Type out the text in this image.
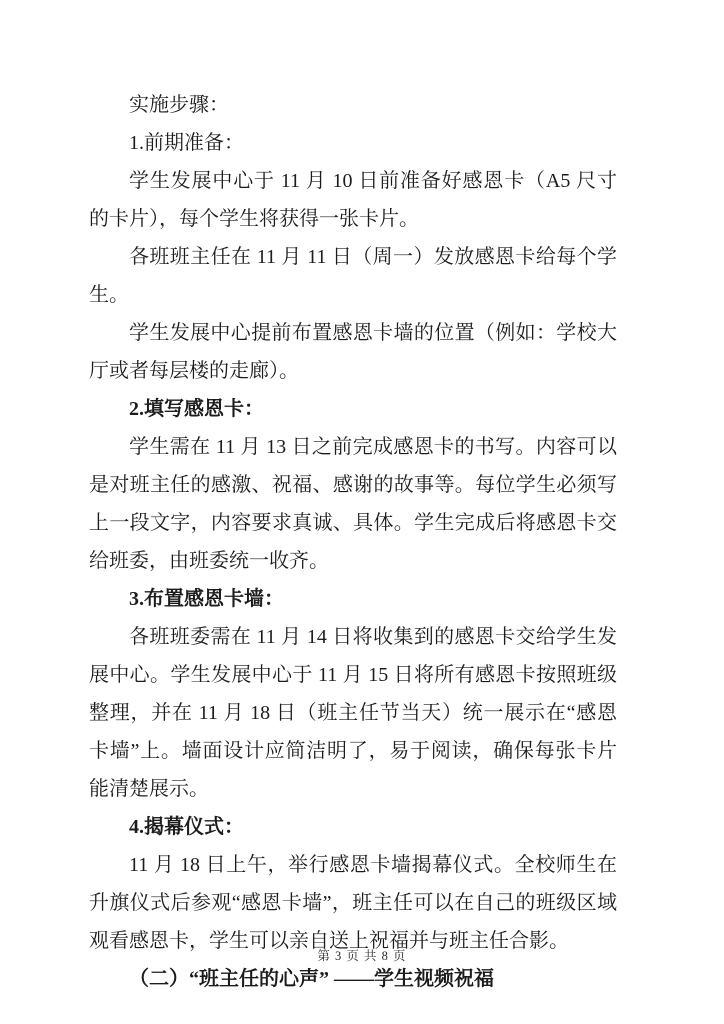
实施步骤：

1.前期准备：

学生发展中心于 11 月 10 日前准备好感恩卡（A5 尺寸的卡片），每个学生将获得一张卡片。

各班班主任在 11 月 11 日（周一）发放感恩卡给每个学生。

学生发展中心提前布置感恩卡墙的位置（例如：学校大厅或者每层楼的走廊）。

2.填写感恩卡：

学生需在 11 月 13 日之前完成感恩卡的书写。内容可以是对班主任的感激、祝福、感谢的故事等。每位学生必须写上一段文字，内容要求真诚、具体。学生完成后将感恩卡交给班委，由班委统一收齐。

3.布置感恩卡墙：

各班班委需在 11 月 14 日将收集到的感恩卡交给学生发展中心。学生发展中心于 11 月 15 日将所有感恩卡按照班级整理，并在 11 月 18 日（班主任节当天）统一展示在“感恩卡墙”上。墙面设计应简洁明了，易于阅读，确保每张卡片能清楚展示。

4.揭幕仪式：

11 月 18 日上午，举行感恩卡墙揭幕仪式。全校师生在升旗仪式后参观“感恩卡墙”，班主任可以在自己的班级区域观看感恩卡，学生可以亲自送上祝福并与班主任合影。

（二）“班主任的心声” ——学生视频祝福

第 3 页 共 8 页
